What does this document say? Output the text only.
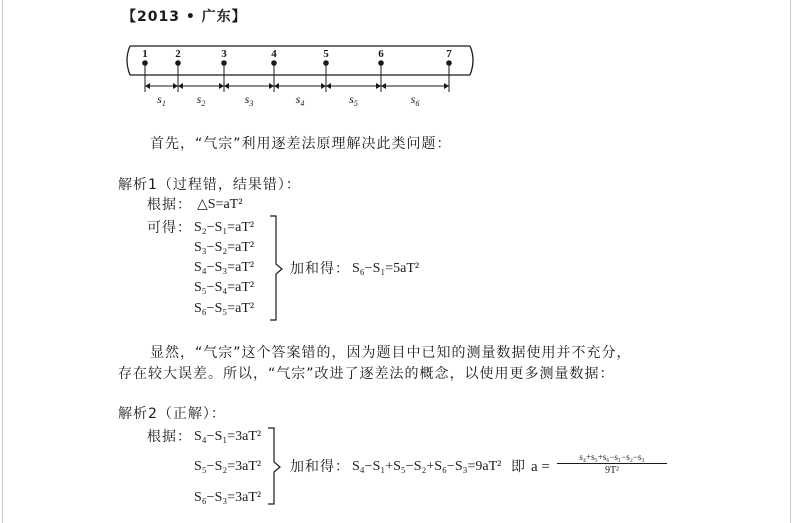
【2013 • 广东】
1	2	3	4	5	6	7
$s_1$	$s_2$	$s_3$	$s_4$	$s_5$	$s_6$
首先，“气宗”利用逐差法原理解决此类问题：
解析1（过程错，结果错）：
根据： △S=aT²
可得： S₂−S₁=aT²
S₃−S₂=aT²
S₄−S₃=aT²
S₅−S₄=aT²
S₆−S₅=aT²
加和得： S₆−S₁=5aT²
显然，“气宗”这个答案错的，因为题目中已知的测量数据使用并不充分，
存在较大误差。所以，“气宗”改进了逐差法的概念，以使用更多测量数据：
解析2（正解）：
根据： S₄−S₁=3aT²
S₅−S₂=3aT²
S₆−S₃=3aT²
加和得： S₄−S₁+S₅−S₂+S₆−S₃=9aT² 即 a =
s₄+s₅+s₆−s₁−s₂−s₃
9T²
